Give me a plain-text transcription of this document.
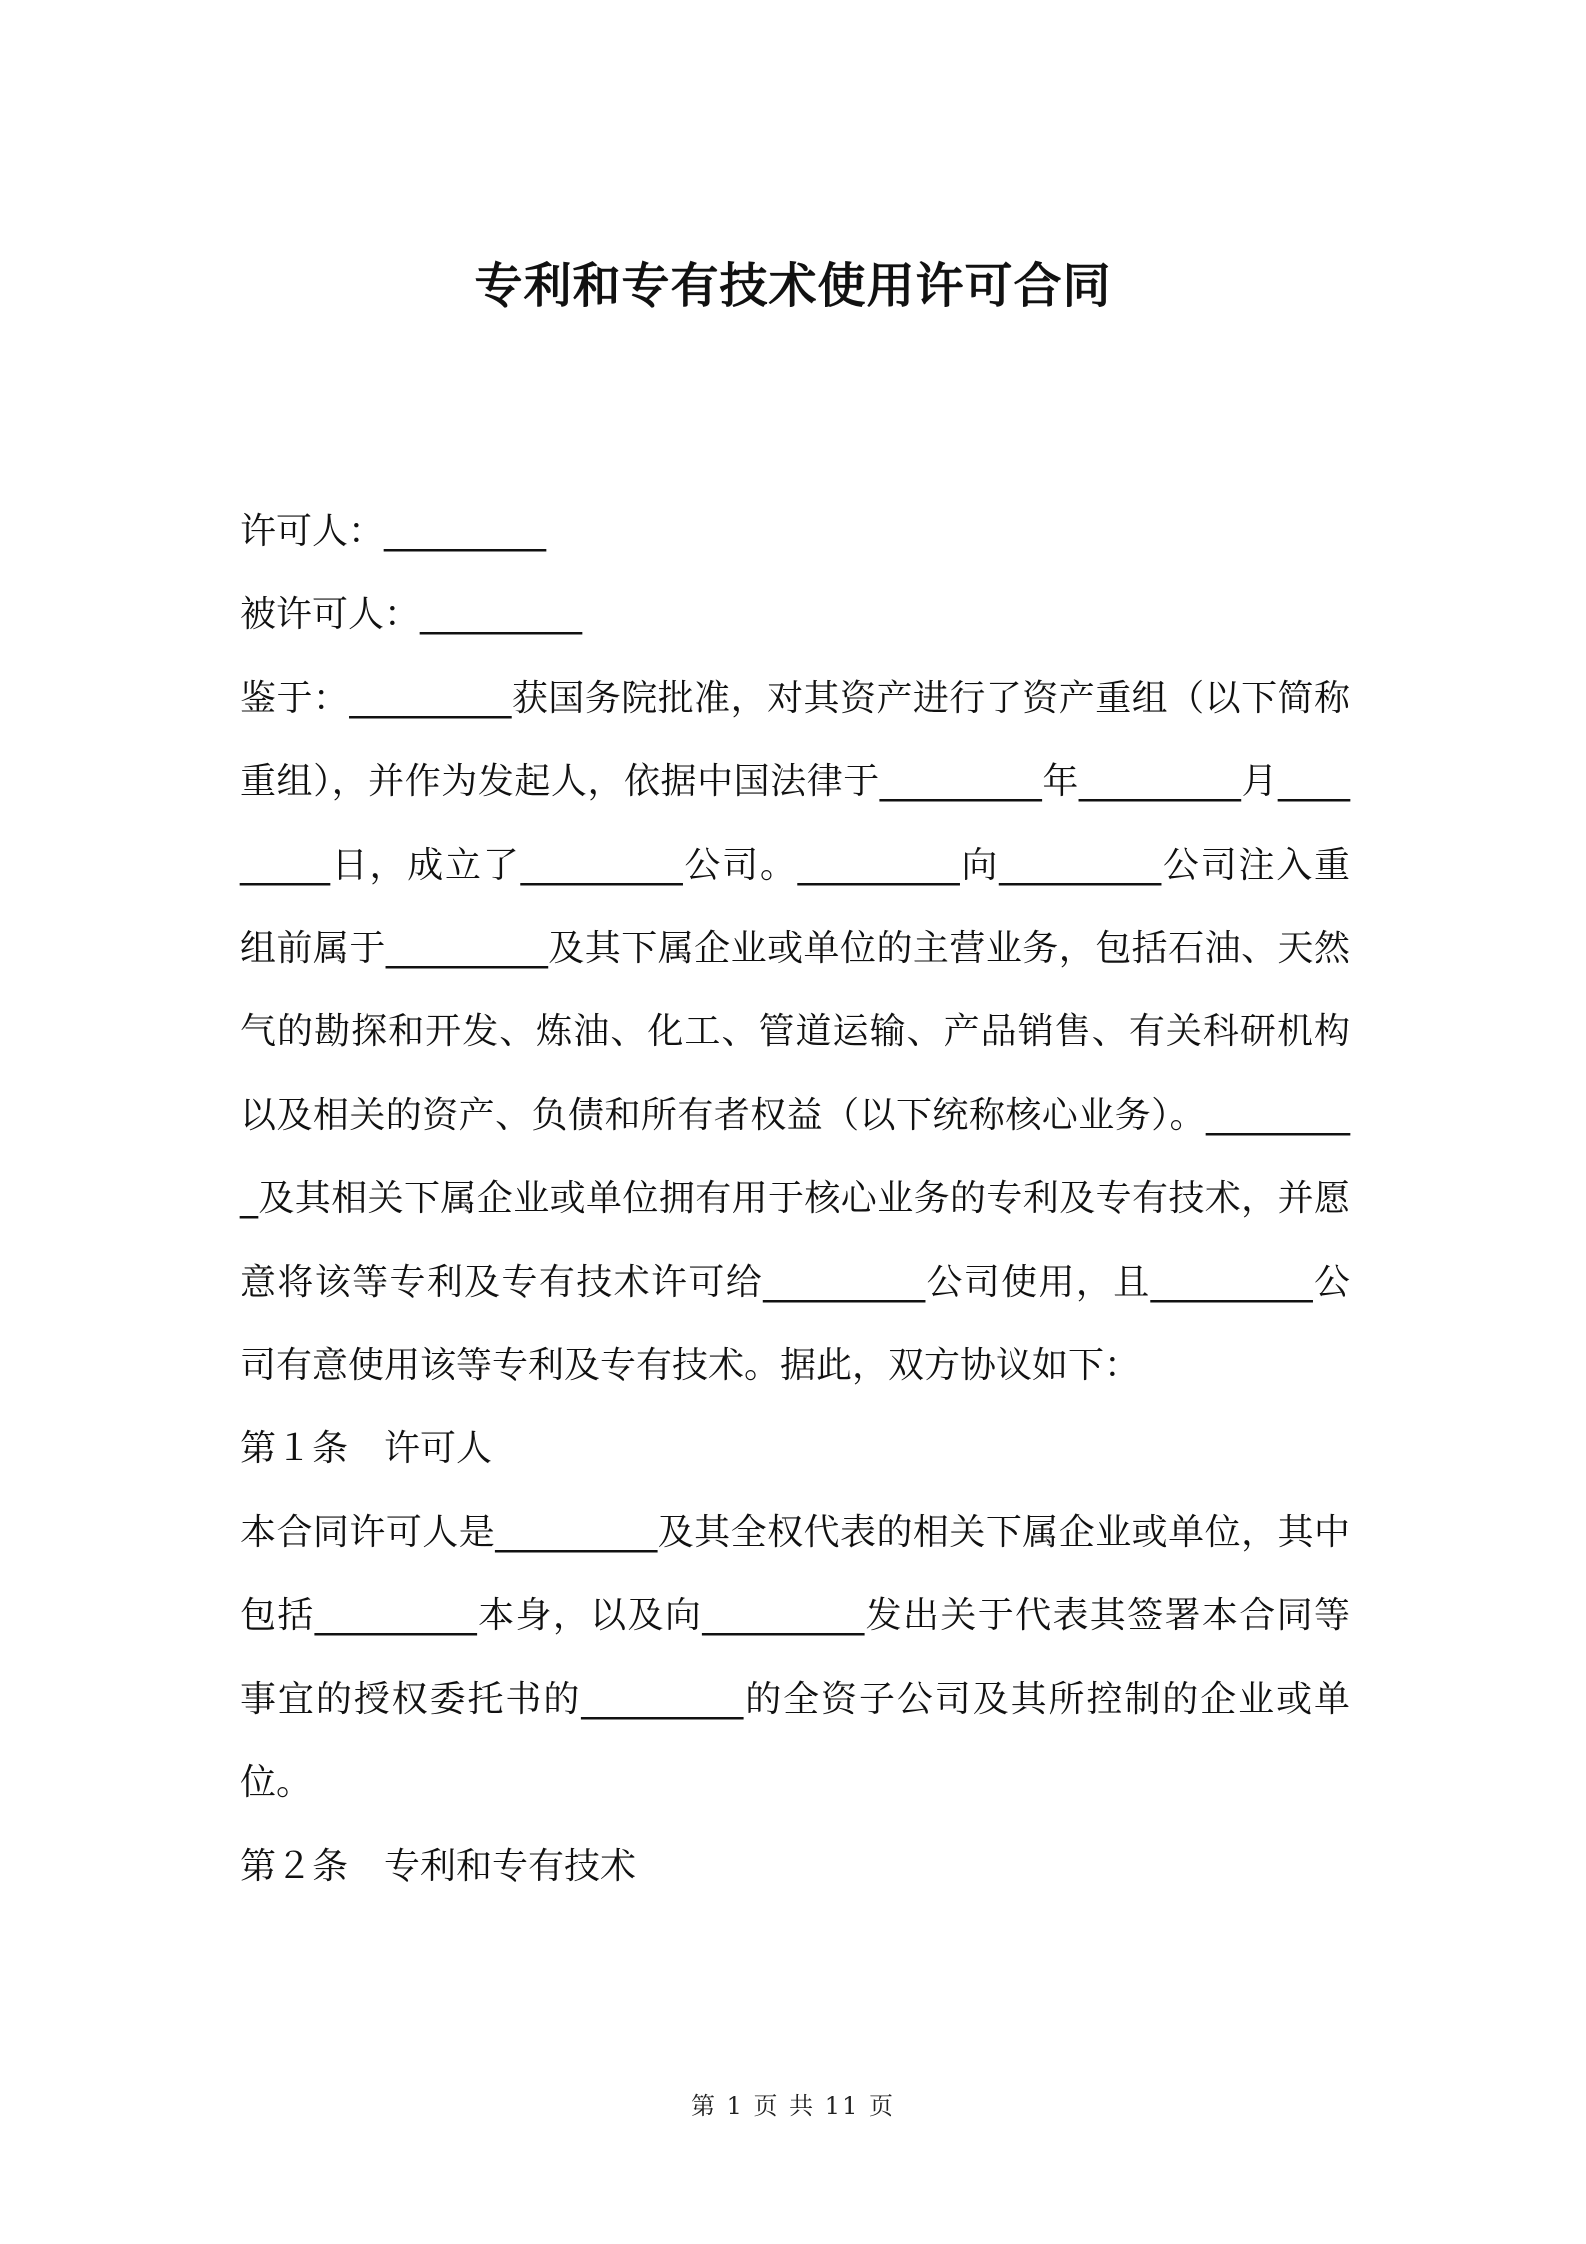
专利和专有技术使用许可合同

许可人：_________

被许可人：_________

鉴于：_________获国务院批准，对其资产进行了资产重组（以下简称重组），并作为发起人，依据中国法律于_________年_________月_________日，成立了_________公司。_________向_________公司注入重组前属于_________及其下属企业或单位的主营业务，包括石油、天然气的勘探和开发、炼油、化工、管道运输、产品销售、有关科研机构以及相关的资产、负债和所有者权益（以下统称核心业务）。_________及其相关下属企业或单位拥有用于核心业务的专利及专有技术，并愿意将该等专利及专有技术许可给_________公司使用，且_________公司有意使用该等专利及专有技术。据此，双方协议如下：

第１条　许可人

本合同许可人是_________及其全权代表的相关下属企业或单位，其中包括_________本身，以及向_________发出关于代表其签署本合同等事宜的授权委托书的_________的全资子公司及其所控制的企业或单位。

第２条　专利和专有技术

第 1 页 共 11 页
